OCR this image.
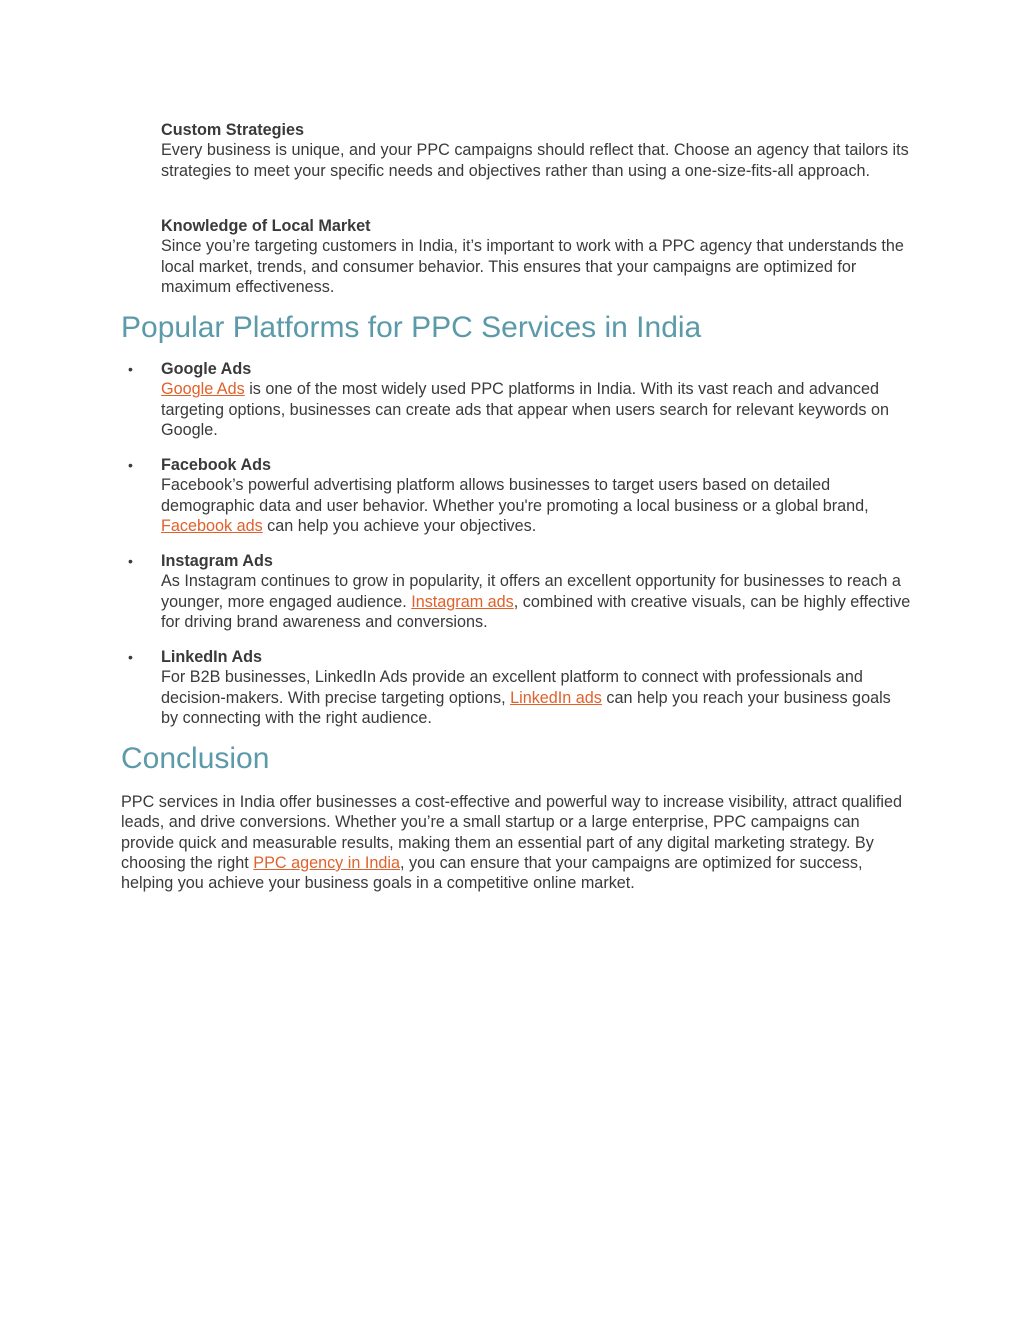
Custom Strategies
Every business is unique, and your PPC campaigns should reflect that. Choose an agency that tailors its strategies to meet your specific needs and objectives rather than using a one-size-fits-all approach.
Knowledge of Local Market
Since you’re targeting customers in India, it’s important to work with a PPC agency that understands the local market, trends, and consumer behavior. This ensures that your campaigns are optimized for maximum effectiveness.
Popular Platforms for PPC Services in India
• Google Ads
Google Ads is one of the most widely used PPC platforms in India. With its vast reach and advanced targeting options, businesses can create ads that appear when users search for relevant keywords on Google.
• Facebook Ads
Facebook’s powerful advertising platform allows businesses to target users based on detailed demographic data and user behavior. Whether you're promoting a local business or a global brand, Facebook ads can help you achieve your objectives.
• Instagram Ads
As Instagram continues to grow in popularity, it offers an excellent opportunity for businesses to reach a younger, more engaged audience. Instagram ads, combined with creative visuals, can be highly effective for driving brand awareness and conversions.
• LinkedIn Ads
For B2B businesses, LinkedIn Ads provide an excellent platform to connect with professionals and decision-makers. With precise targeting options, LinkedIn ads can help you reach your business goals by connecting with the right audience.
Conclusion

PPC services in India offer businesses a cost-effective and powerful way to increase visibility, attract qualified leads, and drive conversions. Whether you’re a small startup or a large enterprise, PPC campaigns can provide quick and measurable results, making them an essential part of any digital marketing strategy. By choosing the right PPC agency in India, you can ensure that your campaigns are optimized for success, helping you achieve your business goals in a competitive online market.
